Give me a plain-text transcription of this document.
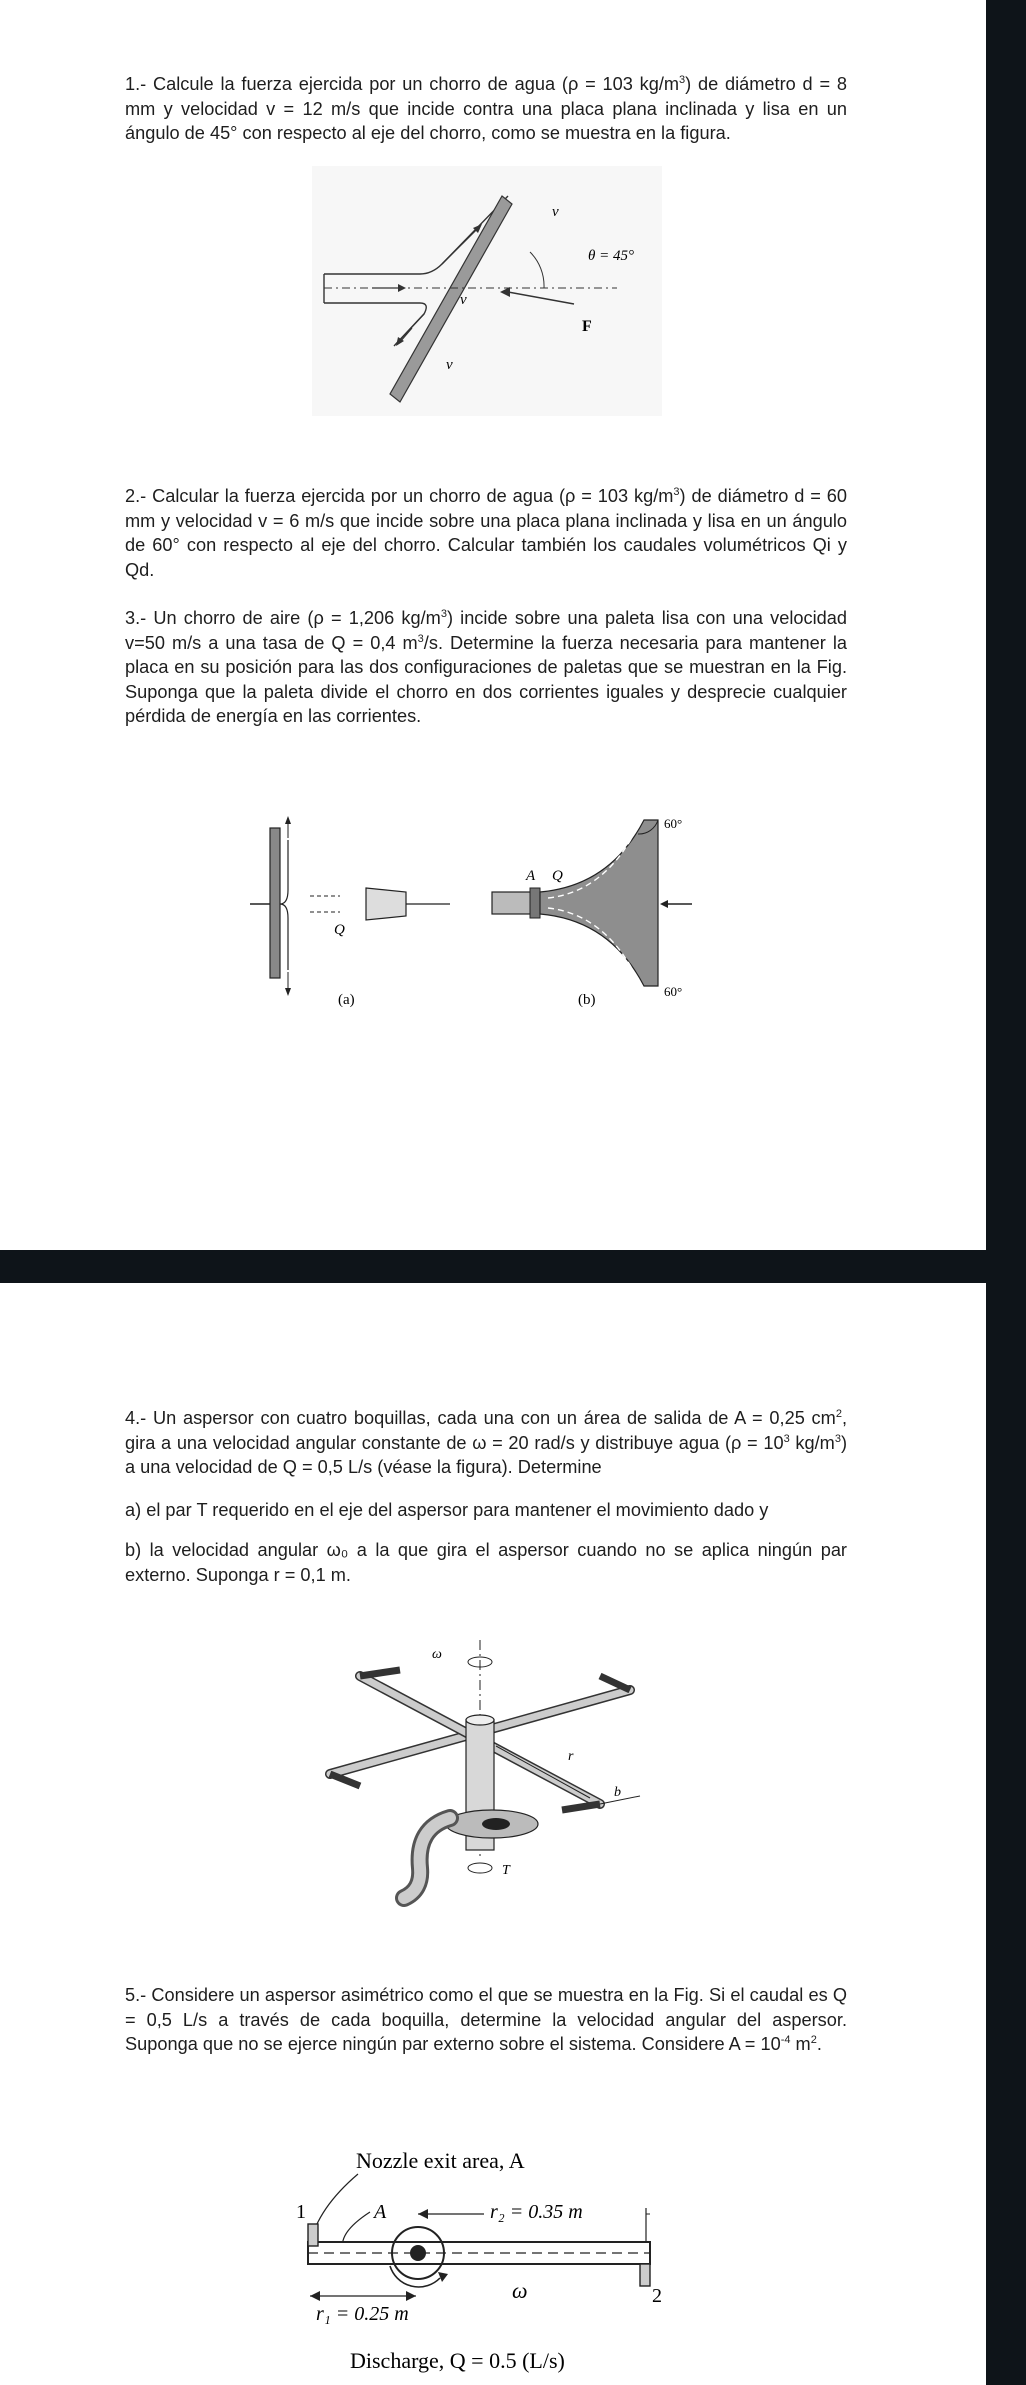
1.- Calcule la fuerza ejercida por un chorro de agua (ρ = 103 $kg/m^3$) de diámetro d = 8 mm y velocidad v = 12 m/s que incide contra una placa plana inclinada y lisa en un ángulo de 45° con respecto al eje del chorro, como se muestra en la figura.

θ = 45°
v
v
v
F

2.- Calcular la fuerza ejercida por un chorro de agua (ρ = 103 $kg/m^3$) de diámetro d = 60 mm y velocidad v = 6 m/s que incide sobre una placa plana inclinada y lisa en un ángulo de 60° con respecto al eje del chorro. Calcular también los caudales volumétricos Qi y Qd.

3.- Un chorro de aire (ρ = 1,206 $kg/m^3$) incide sobre una paleta lisa con una velocidad v=50 m/s a una tasa de Q = 0,4 $m^3/s$. Determine la fuerza necesaria para mantener la placa en su posición para las dos configuraciones de paletas que se muestran en la Fig. Suponga que la paleta divide el chorro en dos corrientes iguales y desprecie cualquier pérdida de energía en las corrientes.

Q
(a)
A Q
60°
60°
(b)

4.- Un aspersor con cuatro boquillas, cada una con un área de salida de A = 0,25 $cm^2$, gira a una velocidad angular constante de ω = 20 rad/s y distribuye agua ($\rho = 10^3$ $kg/m^3$) a una velocidad de Q = 0,5 L/s (véase la figura). Determine

a) el par T requerido en el eje del aspersor para mantener el movimiento dado y

b) la velocidad angular ω₀ a la que gira el aspersor cuando no se aplica ningún par externo. Suponga r = 0,1 m.

ω
T
r
b

5.- Considere un aspersor asimétrico como el que se muestra en la Fig. Si el caudal es Q = 0,5 L/s a través de cada boquilla, determine la velocidad angular del aspersor. Suponga que no se ejerce ningún par externo sobre el sistema. Considere $A = 10^{-4}$ $m^2$.

Nozzle exit area, A
1	A	r₂ = 0.35 m
ω	2
r₁ = 0.25 m
Discharge, Q = 0.5 (L/s)
